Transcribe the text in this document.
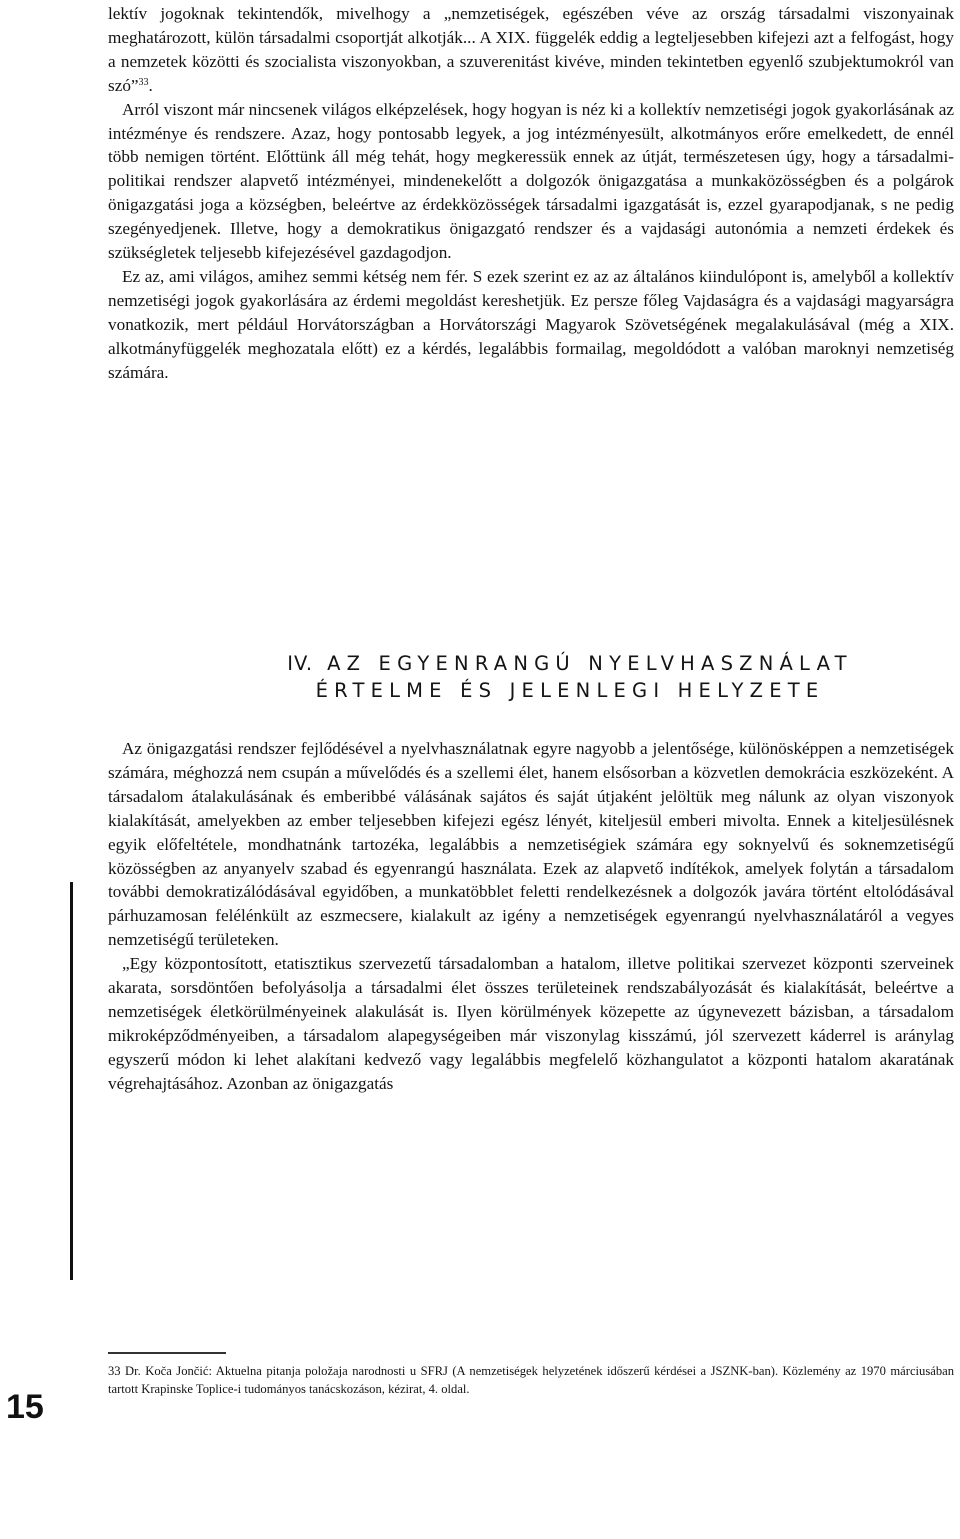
lektív jogoknak tekintendők, mivelhogy a „nemzetiségek, egészében véve az ország társadalmi viszonyainak meghatározott, külön társadalmi csoportját alkotják... A XIX. függelék eddig a legteljesebben kifejezi azt a felfogást, hogy a nemzetek közötti és szocialista viszonyokban, a szuverenitást kivéve, minden tekintetben egyenlő szubjektumokról van szó”$^{33}$.

Arról viszont már nincsenek világos elképzelések, hogy hogyan is néz ki a kollektív nemzetiségi jogok gyakorlásának az intézménye és rendszere. Azaz, hogy pontosabb legyek, a jog intézményesült, alkotmányos erőre emelkedett, de ennél több nemigen történt. Előttünk áll még tehát, hogy megkeressük ennek az útját, természetesen úgy, hogy a társadalmi-politikai rendszer alapvető intézményei, mindenekelőtt a dolgozók önigazgatása a munkaközösségben és a polgárok önigazgatási joga a községben, beleértve az érdekközösségek társadalmi igazgatását is, ezzel gyarapodjanak, s ne pedig szegényedjenek. Illetve, hogy a demokratikus önigazgató rendszer és a vajdasági autonómia a nemzeti érdekek és szükségletek teljesebb kifejezésével gazdagodjon.

Ez az, ami világos, amihez semmi kétség nem fér. S ezek szerint ez az az általános kiindulópont is, amelyből a kollektív nemzetiségi jogok gyakorlására az érdemi megoldást kereshetjük. Ez persze főleg Vajdaságra és a vajdasági magyarságra vonatkozik, mert például Horvátországban a Horvátországi Magyarok Szövetségének megalakulásával (még a XIX. alkotmányfüggelék meghozatala előtt) ez a kérdés, legalábbis formailag, megoldódott a valóban maroknyi nemzetiség számára.

IV. AZ EGYENRANGÚ NYELVHASZNÁLAT
ÉRTELME ÉS JELENLEGI HELYZETE

Az önigazgatási rendszer fejlődésével a nyelvhasználatnak egyre nagyobb a jelentősége, különösképpen a nemzetiségek számára, méghozzá nem csupán a művelődés és a szellemi élet, hanem elsősorban a közvetlen demokrácia eszközeként. A társadalom átalakulásának és emberibbé válásának sajátos és saját útjaként jelöltük meg nálunk az olyan viszonyok kialakítását, amelyekben az ember teljesebben kifejezi egész lényét, kiteljesül emberi mivolta. Ennek a kiteljesülésnek egyik előfeltétele, mondhatnánk tartozéka, legalábbis a nemzetiségiek számára egy soknyelvű és soknemzetiségű közösségben az anyanyelv szabad és egyenrangú használata. Ezek az alapvető indítékok, amelyek folytán a társadalom további demokratizálódásával egyidőben, a munkatöbblet feletti rendelkezésnek a dolgozók javára történt eltolódásával párhuzamosan felélénkült az eszmecsere, kialakult az igény a nemzetiségek egyenrangú nyelvhasználatáról a vegyes nemzetiségű területeken.

„Egy központosított, etatisztikus szervezetű társadalomban a hatalom, illetve politikai szervezet központi szerveinek akarata, sorsdöntően befolyásolja a társadalmi élet összes területeinek rendszabályozását és kialakítását, beleértve a nemzetiségek életkörülményeinek alakulását is. Ilyen körülmények közepette az úgynevezett bázisban, a társadalom mikroképződményeiben, a társadalom alapegységeiben már viszonylag kisszámú, jól szervezett káderrel is aránylag egyszerű módon ki lehet alakítani kedvező vagy legalábbis megfelelő közhangulatot a központi hatalom akaratának végrehajtásához. Azonban az önigazgatás

33 Dr. Koča Jončić: Aktuelna pitanja položaja narodnosti u SFRJ (A nemzetiségek helyzetének időszerű kérdései a JSZNK-ban). Közlemény az 1970 márciusában tartott Krapinske Toplice-i tudományos tanácskozáson, kézirat, 4. oldal.

15
